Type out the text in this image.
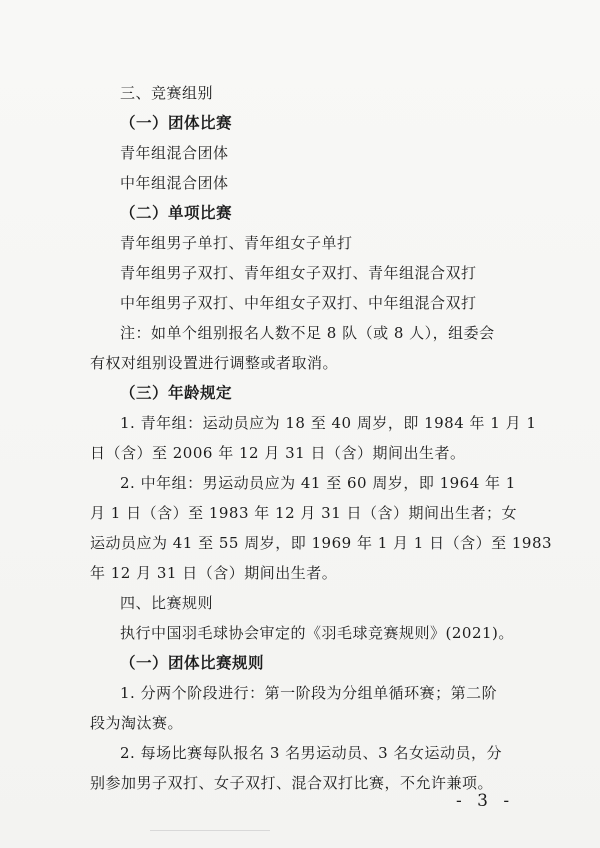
三、竞赛组别
（一）团体比赛
青年组混合团体
中年组混合团体
（二）单项比赛
青年组男子单打、青年组女子单打
青年组男子双打、青年组女子双打、青年组混合双打
中年组男子双打、中年组女子双打、中年组混合双打
注：如单个组别报名人数不足 8 队（或 8 人），组委会
有权对组别设置进行调整或者取消。
（三）年龄规定
1. 青年组：运动员应为 18 至 40 周岁，即 1984 年 1 月 1
日（含）至 2006 年 12 月 31 日（含）期间出生者。
2. 中年组：男运动员应为 41 至 60 周岁，即 1964 年 1
月 1 日（含）至 1983 年 12 月 31 日（含）期间出生者；女
运动员应为 41 至 55 周岁，即 1969 年 1 月 1 日（含）至 1983
年 12 月 31 日（含）期间出生者。
四、比赛规则
执行中国羽毛球协会审定的《羽毛球竞赛规则》(2021)。
（一）团体比赛规则
1. 分两个阶段进行：第一阶段为分组单循环赛；第二阶
段为淘汰赛。
2. 每场比赛每队报名 3 名男运动员、3 名女运动员，分
别参加男子双打、女子双打、混合双打比赛，不允许兼项。
- 3 -
